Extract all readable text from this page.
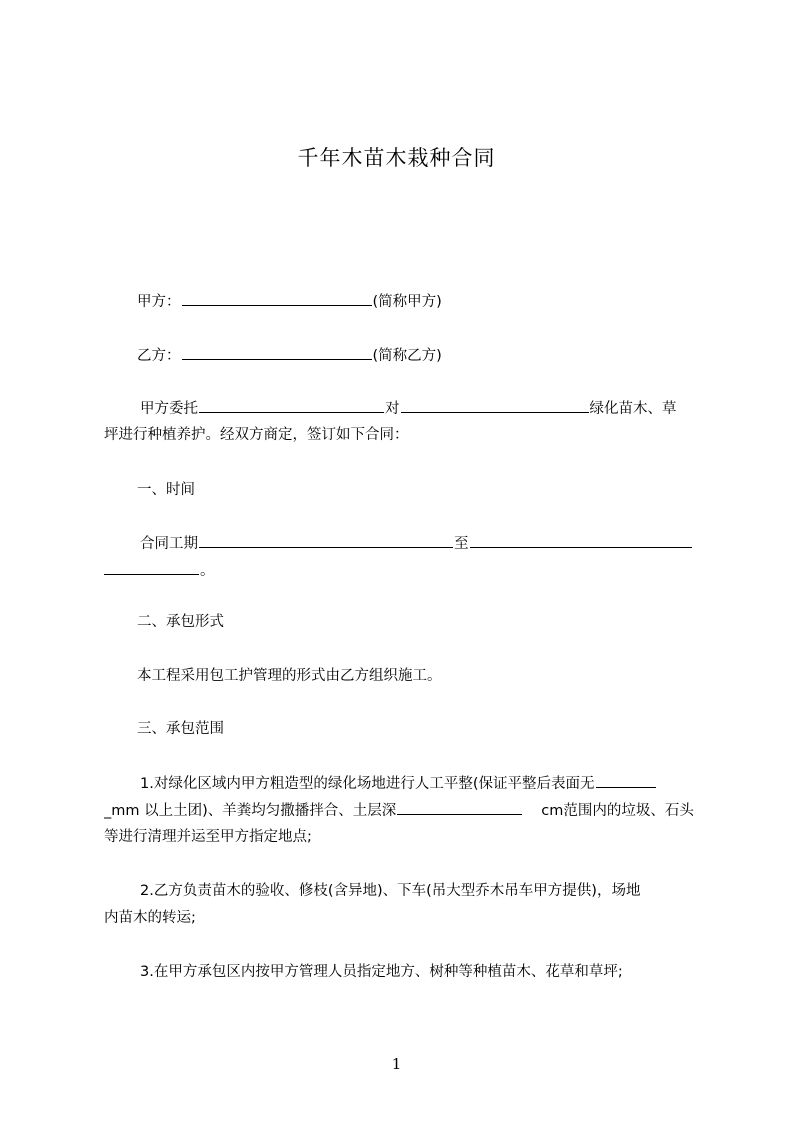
千年木苗木栽种合同
甲方：	(简称甲方)
乙方：	(简称乙方)
甲方委托	对	绿化苗木、草
坪进行种植养护。经双方商定，签订如下合同：
一、时间
合同工期	至
。
二、承包形式
本工程采用包工护管理的形式由乙方组织施工。
三、承包范围
1.对绿化区域内甲方粗造型的绿化场地进行人工平整(保证平整后表面无
_mm 以上土团)、羊粪均匀撒播拌合、土层深	cm范围内的垃圾、石头
等进行清理并运至甲方指定地点;
2.乙方负责苗木的验收、修枝(含异地)、下车(吊大型乔木吊车甲方提供)，场地
内苗木的转运;
3.在甲方承包区内按甲方管理人员指定地方、树种等种植苗木、花草和草坪;
1
